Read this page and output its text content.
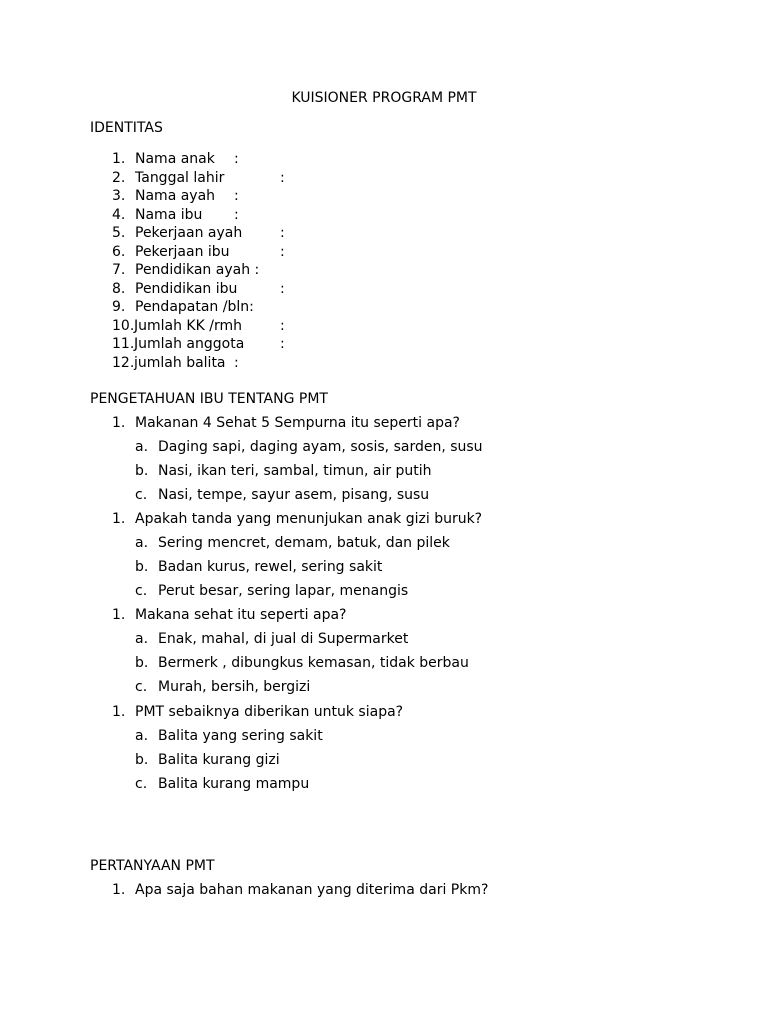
KUISIONER PROGRAM PMT
IDENTITAS
1. Nama anak :
2. Tanggal lahir	:
3. Nama ayah :
4. Nama ibu :
5. Pekerjaan ayah	:
6. Pekerjaan ibu	:
7. Pendidikan ayah :
8. Pendidikan ibu	:
9. Pendapatan /bln:
10. Jumlah KK /rmh	:
11. Jumlah anggota	:
12. jumlah balita :
PENGETAHUAN IBU TENTANG PMT
1. Makanan 4 Sehat 5 Sempurna itu seperti apa?
a. Daging sapi, daging ayam, sosis, sarden, susu
b. Nasi, ikan teri, sambal, timun, air putih
c. Nasi, tempe, sayur asem, pisang, susu
1. Apakah tanda yang menunjukan anak gizi buruk?
a. Sering mencret, demam, batuk, dan pilek
b. Badan kurus, rewel, sering sakit
c. Perut besar, sering lapar, menangis
1. Makana sehat itu seperti apa?
a. Enak, mahal, di jual di Supermarket
b. Bermerk , dibungkus kemasan, tidak berbau
c. Murah, bersih, bergizi
1. PMT sebaiknya diberikan untuk siapa?
a. Balita yang sering sakit
b. Balita kurang gizi
c. Balita kurang mampu
PERTANYAAN PMT
1. Apa saja bahan makanan yang diterima dari Pkm?
